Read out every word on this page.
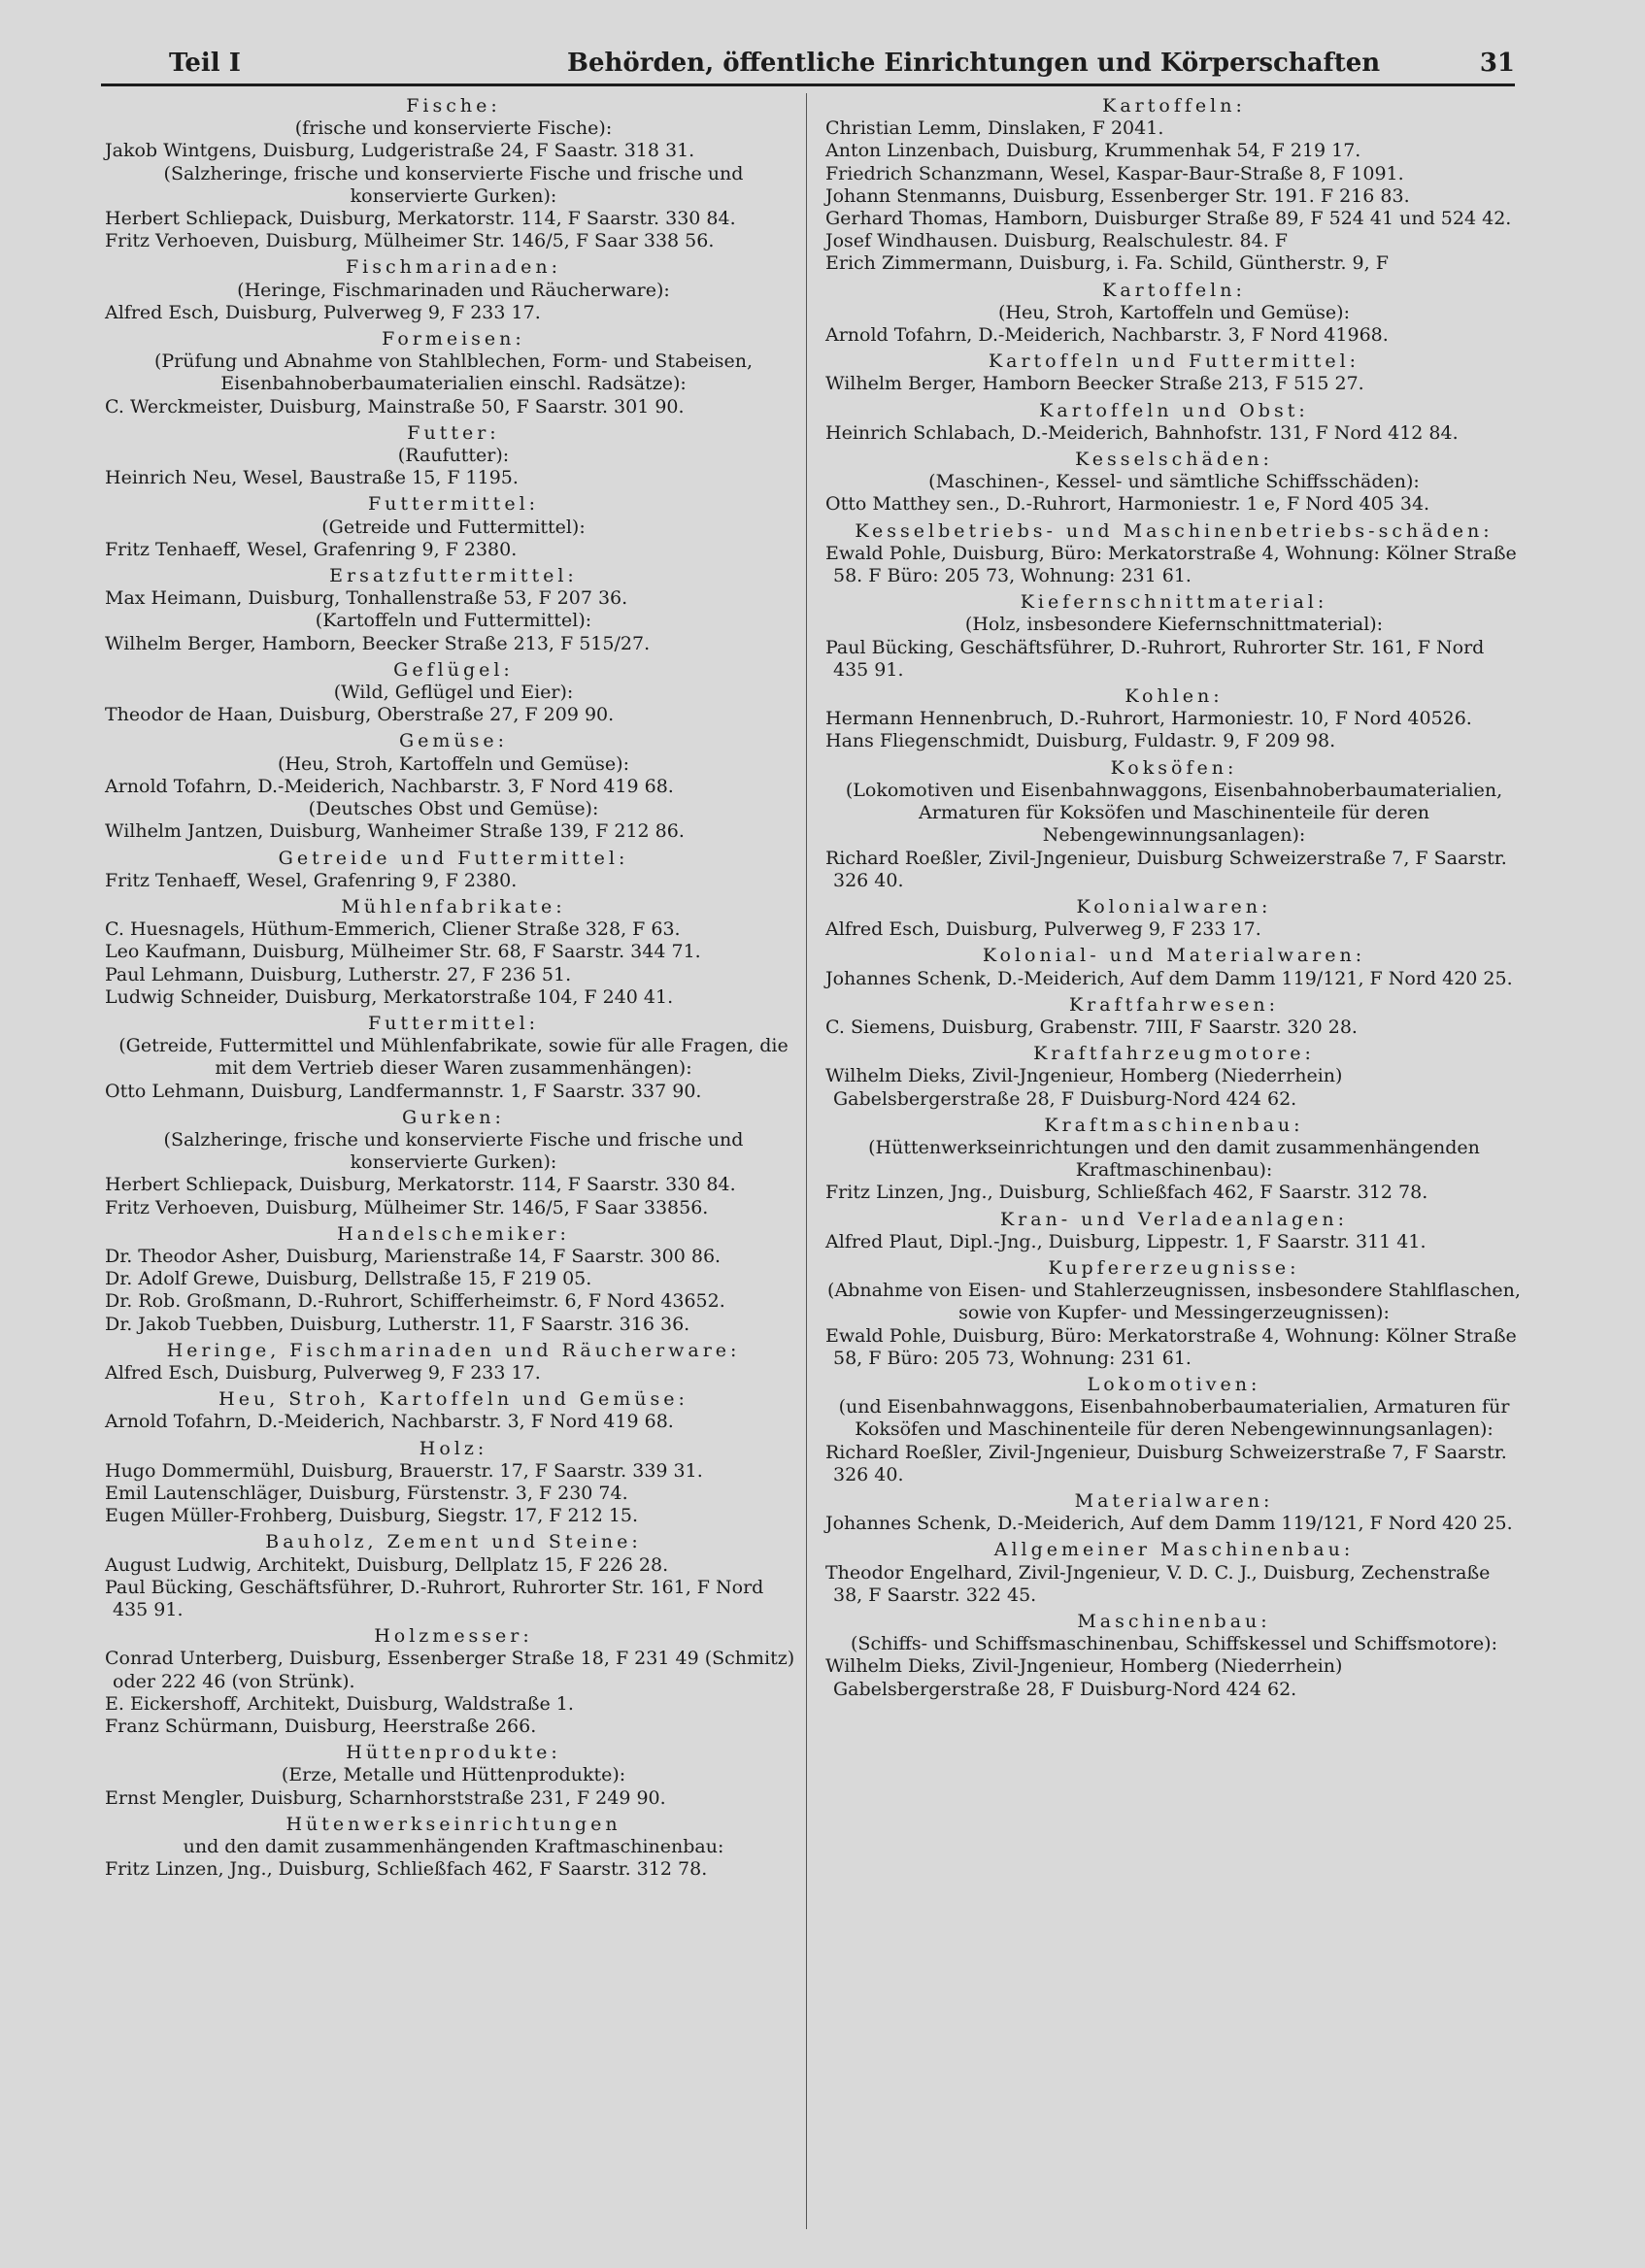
Teil I	Behörden, öffentliche Einrichtungen und Körperschaften	31
Fische:
(frische und konservierte Fische):
Jakob Wintgens, Duisburg, Ludgeristraße 24, F Saastr. 318 31.
(Salzheringe, frische und konservierte Fische und frische und konservierte Gurken):
Herbert Schliepack, Duisburg, Merkatorstr. 114, F Saarstr. 330 84.
Fritz Verhoeven, Duisburg, Mülheimer Str. 146/5, F Saar 338 56.
Fischmarinaden:
(Heringe, Fischmarinaden und Räucherware):
Alfred Esch, Duisburg, Pulverweg 9, F 233 17.
Formeisen:
(Prüfung und Abnahme von Stahlblechen, Form- und Stabeisen, Eisenbahnoberbaumaterialien einschl. Radsätze):
C. Werckmeister, Duisburg, Mainstraße 50, F Saarstr. 301 90.
Futter:
(Raufutter):
Heinrich Neu, Wesel, Baustraße 15, F 1195.
Futtermittel:
(Getreide und Futtermittel):
Fritz Tenhaeff, Wesel, Grafenring 9, F 2380.
Ersatzfuttermittel:
Max Heimann, Duisburg, Tonhallenstraße 53, F 207 36.
(Kartoffeln und Futtermittel):
Wilhelm Berger, Hamborn, Beecker Straße 213, F 515/27.
Geflügel:
(Wild, Geflügel und Eier):
Theodor de Haan, Duisburg, Oberstraße 27, F 209 90.
Gemüse:
(Heu, Stroh, Kartoffeln und Gemüse):
Arnold Tofahrn, D.-Meiderich, Nachbarstr. 3, F Nord 419 68.
(Deutsches Obst und Gemüse):
Wilhelm Jantzen, Duisburg, Wanheimer Straße 139, F 212 86.
Getreide und Futtermittel:
Fritz Tenhaeff, Wesel, Grafenring 9, F 2380.
Mühlenfabrikate:
C. Huesnagels, Hüthum-Emmerich, Cliener Straße 328, F 63.
Leo Kaufmann, Duisburg, Mülheimer Str. 68, F Saarstr. 344 71.
Paul Lehmann, Duisburg, Lutherstr. 27, F 236 51.
Ludwig Schneider, Duisburg, Merkatorstraße 104, F 240 41.
Futtermittel:
(Getreide, Futtermittel und Mühlenfabrikate, sowie für alle Fragen, die mit dem Vertrieb dieser Waren zusammenhängen):
Otto Lehmann, Duisburg, Landfermannstr. 1, F Saarstr. 337 90.
Gurken:
(Salzheringe, frische und konservierte Fische und frische und konservierte Gurken):
Herbert Schliepack, Duisburg, Merkatorstr. 114, F Saarstr. 330 84.
Fritz Verhoeven, Duisburg, Mülheimer Str. 146/5, F Saar 33856.
Handelschemiker:
Dr. Theodor Asher, Duisburg, Marienstraße 14, F Saarstr. 300 86.
Dr. Adolf Grewe, Duisburg, Dellstraße 15, F 219 05.
Dr. Rob. Großmann, D.-Ruhrort, Schifferheimstr. 6, F Nord 43652.
Dr. Jakob Tuebben, Duisburg, Lutherstr. 11, F Saarstr. 316 36.
Heringe, Fischmarinaden und Räucherware:
Alfred Esch, Duisburg, Pulverweg 9, F 233 17.
Heu, Stroh, Kartoffeln und Gemüse:
Arnold Tofahrn, D.-Meiderich, Nachbarstr. 3, F Nord 419 68.
Holz:
Hugo Dommermühl, Duisburg, Brauerstr. 17, F Saarstr. 339 31.
Emil Lautenschläger, Duisburg, Fürstenstr. 3, F 230 74.
Eugen Müller-Frohberg, Duisburg, Siegstr. 17, F 212 15.
Bauholz, Zement und Steine:
August Ludwig, Architekt, Duisburg, Dellplatz 15, F 226 28.
Paul Bücking, Geschäftsführer, D.-Ruhrort, Ruhrorter Str. 161, F Nord 435 91.
Holzmesser:
Conrad Unterberg, Duisburg, Essenberger Straße 18, F 231 49 (Schmitz) oder 222 46 (von Strünk).
E. Eickershoff, Architekt, Duisburg, Waldstraße 1.
Franz Schürmann, Duisburg, Heerstraße 266.
Hüttenprodukte:
(Erze, Metalle und Hüttenprodukte):
Ernst Mengler, Duisburg, Scharnhorststraße 231, F 249 90.
Hütenwerkseinrichtungen
und den damit zusammenhängenden Kraftmaschinenbau:
Fritz Linzen, Jng., Duisburg, Schließfach 462, F Saarstr. 312 78.
Kartoffeln:
Christian Lemm, Dinslaken, F 2041.
Anton Linzenbach, Duisburg, Krummenhak 54, F 219 17.
Friedrich Schanzmann, Wesel, Kaspar-Baur-Straße 8, F 1091.
Johann Stenmanns, Duisburg, Essenberger Str. 191. F 216 83.
Gerhard Thomas, Hamborn, Duisburger Straße 89, F 524 41 und 524 42.
Josef Windhausen. Duisburg, Realschulestr. 84. F
Erich Zimmermann, Duisburg, i. Fa. Schild, Güntherstr. 9, F
Kartoffeln:
(Heu, Stroh, Kartoffeln und Gemüse):
Arnold Tofahrn, D.-Meiderich, Nachbarstr. 3, F Nord 41968.
Kartoffeln und Futtermittel:
Wilhelm Berger, Hamborn Beecker Straße 213, F 515 27.
Kartoffeln und Obst:
Heinrich Schlabach, D.-Meiderich, Bahnhofstr. 131, F Nord 412 84.
Kesselschäden:
(Maschinen-, Kessel- und sämtliche Schiffsschäden):
Otto Matthey sen., D.-Ruhrort, Harmoniestr. 1 e, F Nord 405 34.
Kesselbetriebs- und Maschinenbetriebs-schäden:
Ewald Pohle, Duisburg, Büro: Merkatorstraße 4, Wohnung: Kölner Straße 58. F Büro: 205 73, Wohnung: 231 61.
Kiefernschnittmaterial:
(Holz, insbesondere Kiefernschnittmaterial):
Paul Bücking, Geschäftsführer, D.-Ruhrort, Ruhrorter Str. 161, F Nord 435 91.
Kohlen:
Hermann Hennenbruch, D.-Ruhrort, Harmoniestr. 10, F Nord 40526.
Hans Fliegenschmidt, Duisburg, Fuldastr. 9, F 209 98.
Koksöfen:
(Lokomotiven und Eisenbahnwaggons, Eisenbahnoberbaumaterialien, Armaturen für Koksöfen und Maschinenteile für deren Nebengewinnungsanlagen):
Richard Roeßler, Zivil-Jngenieur, Duisburg Schweizerstraße 7, F Saarstr. 326 40.
Kolonialwaren:
Alfred Esch, Duisburg, Pulverweg 9, F 233 17.
Kolonial- und Materialwaren:
Johannes Schenk, D.-Meiderich, Auf dem Damm 119/121, F Nord 420 25.
Kraftfahrwesen:
C. Siemens, Duisburg, Grabenstr. 7III, F Saarstr. 320 28.
Kraftfahrzeugmotore:
Wilhelm Dieks, Zivil-Jngenieur, Homberg (Niederrhein) Gabelsbergerstraße 28, F Duisburg-Nord 424 62.
Kraftmaschinenbau:
(Hüttenwerkseinrichtungen und den damit zusammenhängenden Kraftmaschinenbau):
Fritz Linzen, Jng., Duisburg, Schließfach 462, F Saarstr. 312 78.
Kran- und Verladeanlagen:
Alfred Plaut, Dipl.-Jng., Duisburg, Lippestr. 1, F Saarstr. 311 41.
Kupfererzeugnisse:
(Abnahme von Eisen- und Stahlerzeugnissen, insbesondere Stahlflaschen, sowie von Kupfer- und Messingerzeugnissen):
Ewald Pohle, Duisburg, Büro: Merkatorstraße 4, Wohnung: Kölner Straße 58, F Büro: 205 73, Wohnung: 231 61.
Lokomotiven:
(und Eisenbahnwaggons, Eisenbahnoberbaumaterialien, Armaturen für Koksöfen und Maschinenteile für deren Nebengewinnungsanlagen):
Richard Roeßler, Zivil-Jngenieur, Duisburg Schweizerstraße 7, F Saarstr. 326 40.
Materialwaren:
Johannes Schenk, D.-Meiderich, Auf dem Damm 119/121, F Nord 420 25.
Allgemeiner Maschinenbau:
Theodor Engelhard, Zivil-Jngenieur, V. D. C. J., Duisburg, Zechenstraße 38, F Saarstr. 322 45.
Maschinenbau:
(Schiffs- und Schiffsmaschinenbau, Schiffskessel und Schiffsmotore):
Wilhelm Dieks, Zivil-Jngenieur, Homberg (Niederrhein) Gabelsbergerstraße 28, F Duisburg-Nord 424 62.
